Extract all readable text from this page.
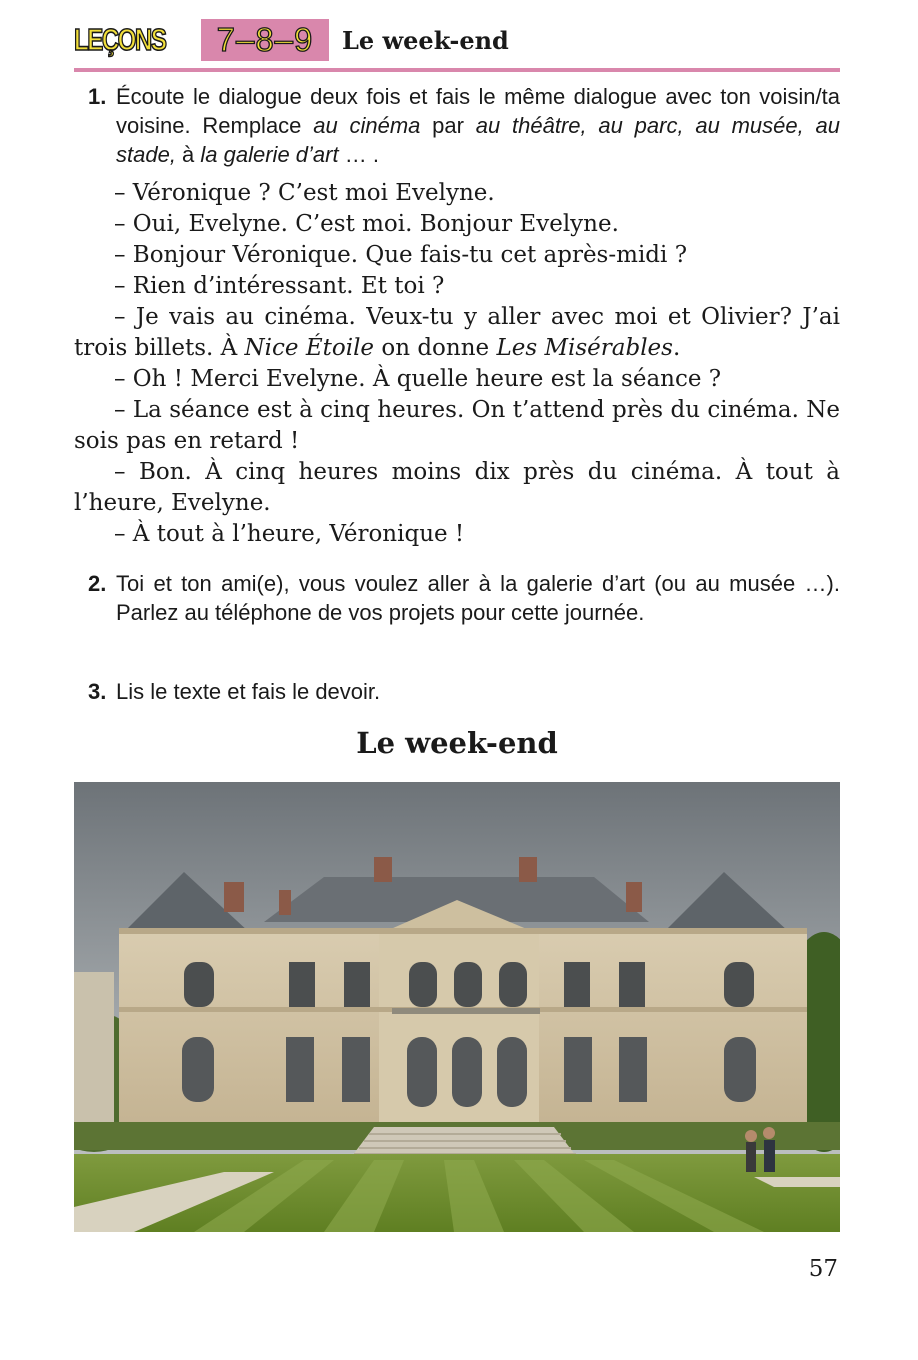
LEÇONS	7–8–9	Le week-end
1. Écoute le dialogue deux fois et fais le même dialogue avec ton voisin/ta voisine. Remplace au cinéma par au théâtre, au parc, au musée, au stade, à la galerie d’art … .

– Véronique ? C’est moi Evelyne.

– Oui, Evelyne. C’est moi. Bonjour Evelyne.

– Bonjour Véronique. Que fais-tu cet après-midi ?

– Rien d’intéressant. Et toi ?

– Je vais au cinéma. Veux-tu y aller avec moi et Olivier? J’ai trois billets. À Nice Étoile on donne Les Misérables.

– Oh ! Merci Evelyne. À quelle heure est la séance ?

– La séance est à cinq heures. On t’attend près du cinéma. Ne sois pas en retard !

– Bon. À cinq heures moins dix près du cinéma. À tout à l’heure, Evelyne.

– À tout à l’heure, Véronique !

2. Toi et ton ami(e), vous voulez aller à la galerie d’art (ou au musée …). Parlez au téléphone de vos projets pour cette journée.
3. Lis le texte et fais le devoir.
Le week-end
57
